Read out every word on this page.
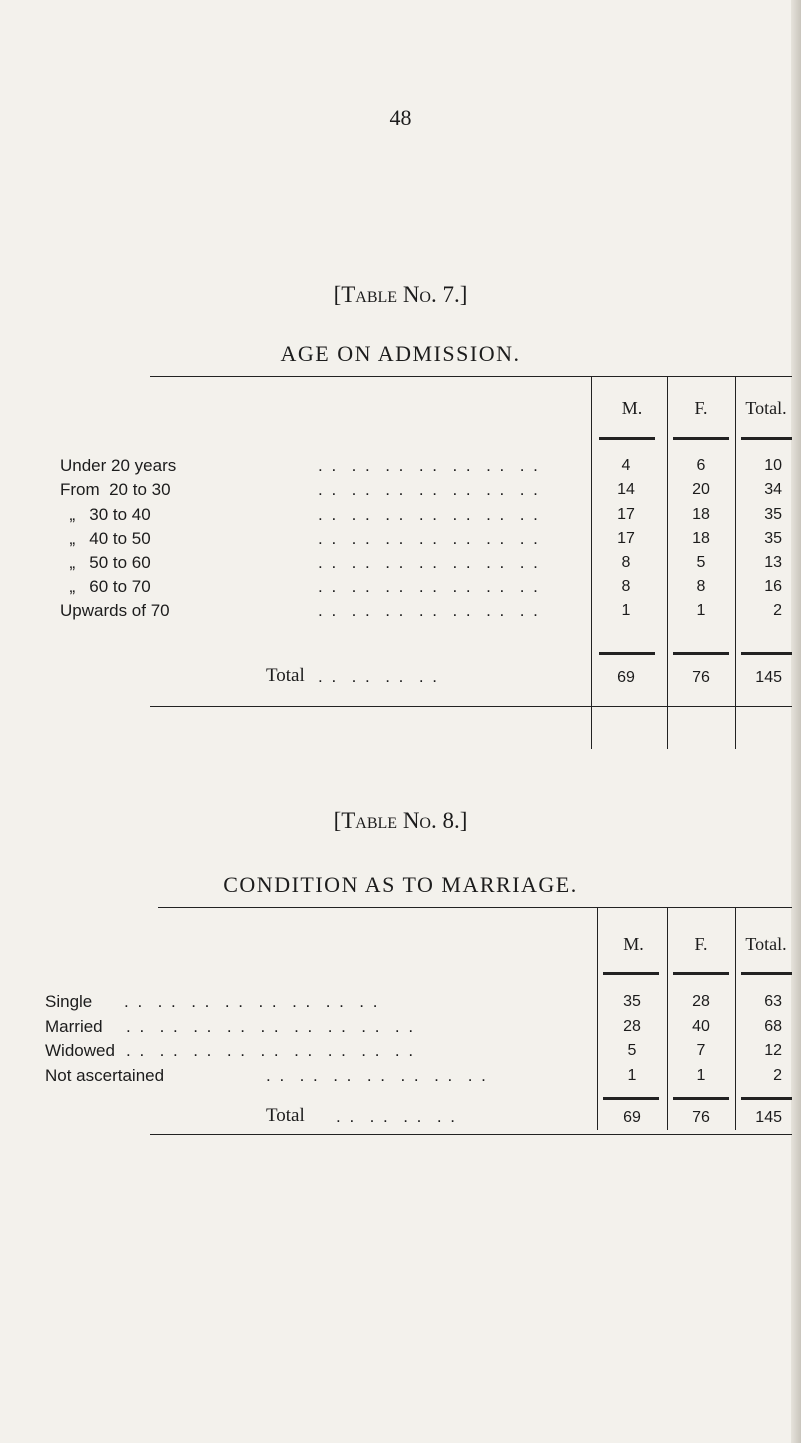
48
[Table No. 7.]
AGE ON ADMISSION.
M.	F.	Total.
Under 20 years	. .  . .  . .  . .  . .  . .  . .	4	6	10
From  20 to 30	. .  . .  . .  . .  . .  . .  . .	14	20	34
„   30 to 40	. .  . .  . .  . .  . .  . .  . .	17	18	35
„   40 to 50	. .  . .  . .  . .  . .  . .  . .	17	18	35
„   50 to 60	. .  . .  . .  . .  . .  . .  . .	8	5	13
„   60 to 70	. .  . .  . .  . .  . .  . .  . .	8	8	16
Upwards of 70	. .  . .  . .  . .  . .  . .  . .	1	1	2
Total . .  . .  . .  . .	69	76	145
[Table No. 8.]
CONDITION AS TO MARRIAGE.
M.	F.	Total.
Single . .  . .  . .  . .  . .  . .  . .  . .	35	28	63
Married . .  . .  . .  . .  . .  . .  . .  . .  . .	28	40	68
Widowed . .  . .  . .  . .  . .  . .  . .  . .  . .	5	7	12
Not ascertained	. .  . .  . .  . .  . .  . .  . .	1	1	2
Total . .  . .  . .  . .	69	76	145
